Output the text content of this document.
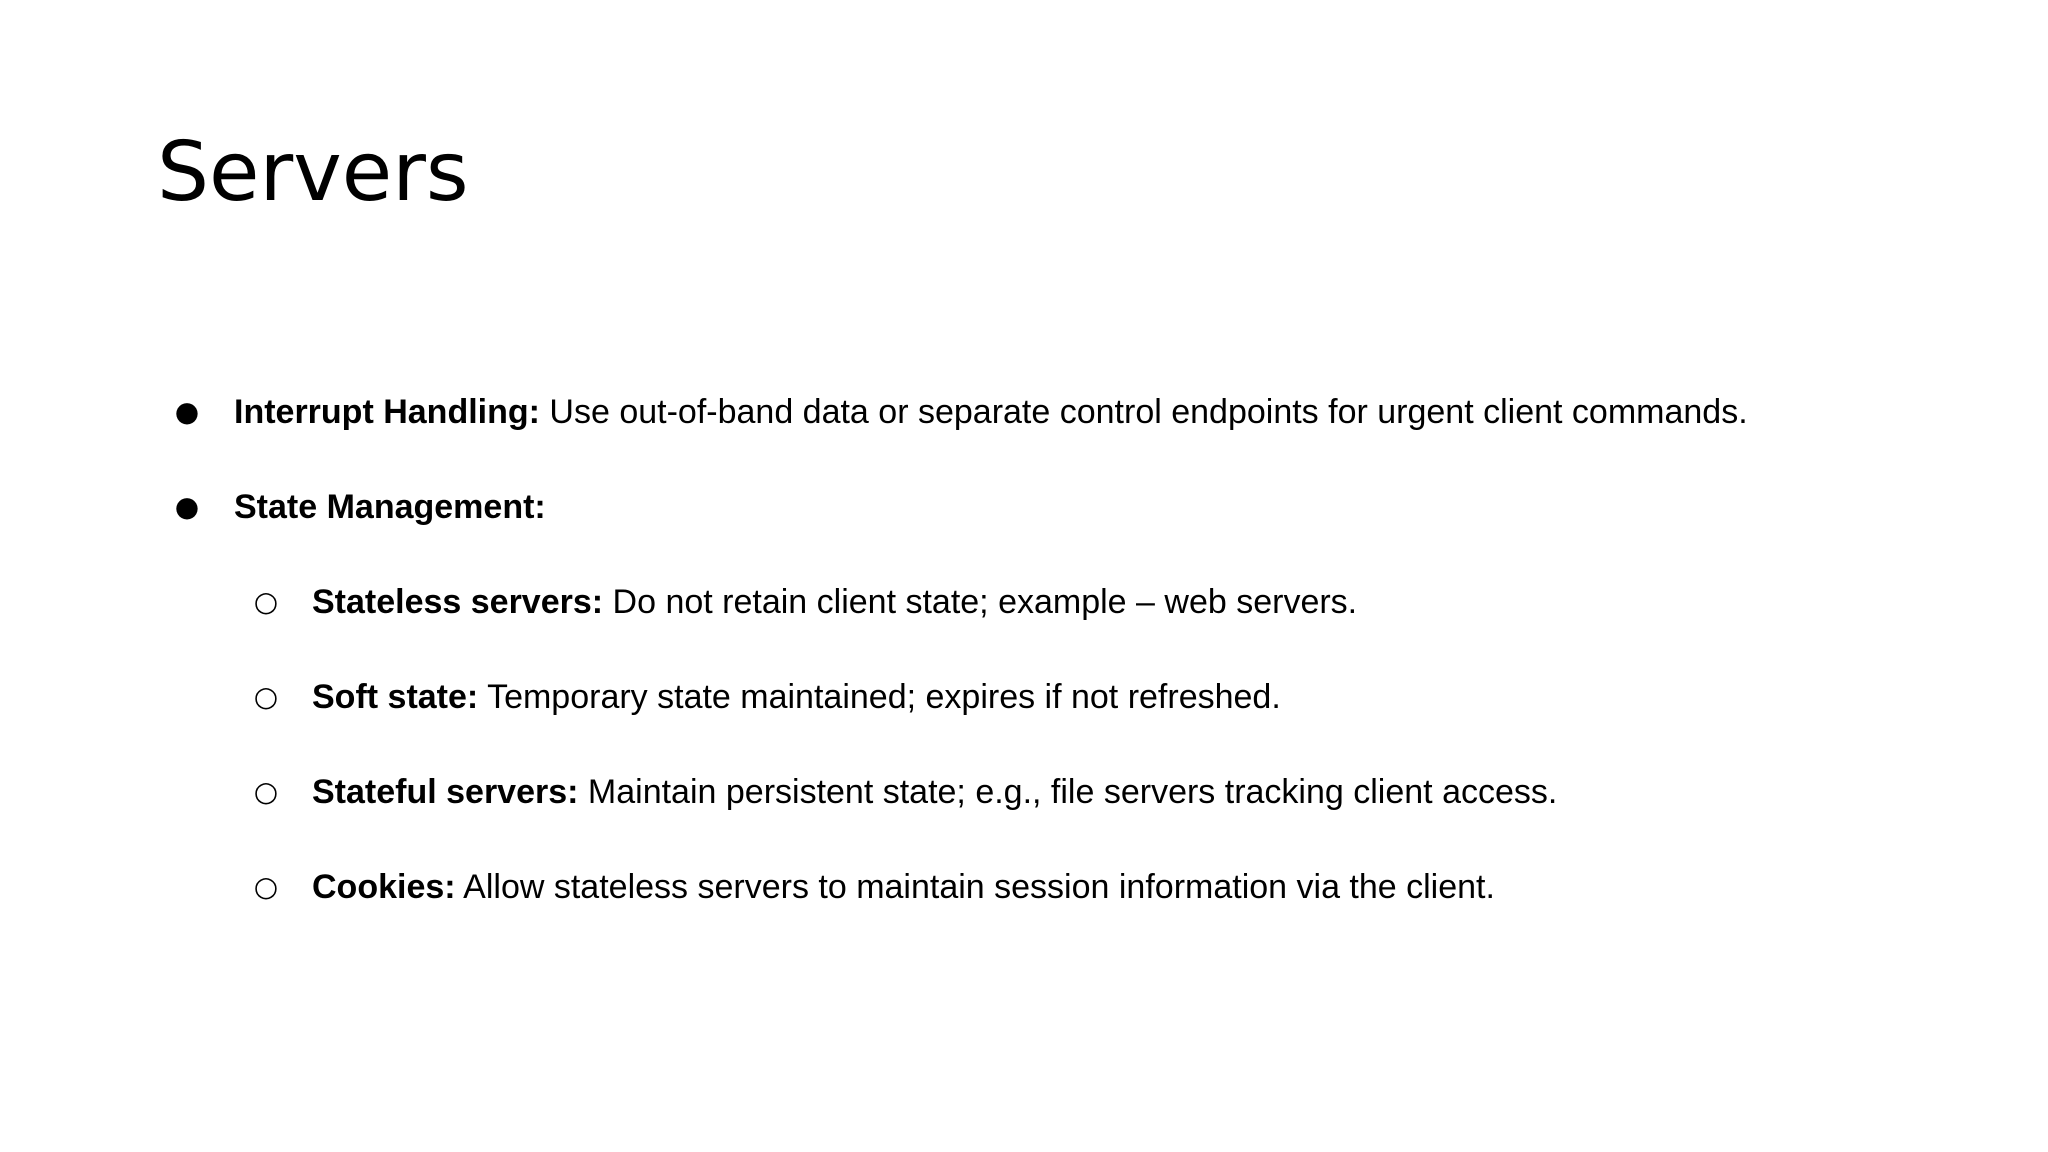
Servers
● Interrupt Handling: Use out-of-band data or separate control endpoints for urgent client commands.
● State Management:
○ Stateless servers: Do not retain client state; example – web servers.
○ Soft state: Temporary state maintained; expires if not refreshed.
○ Stateful servers: Maintain persistent state; e.g., file servers tracking client access.
○ Cookies: Allow stateless servers to maintain session information via the client.
